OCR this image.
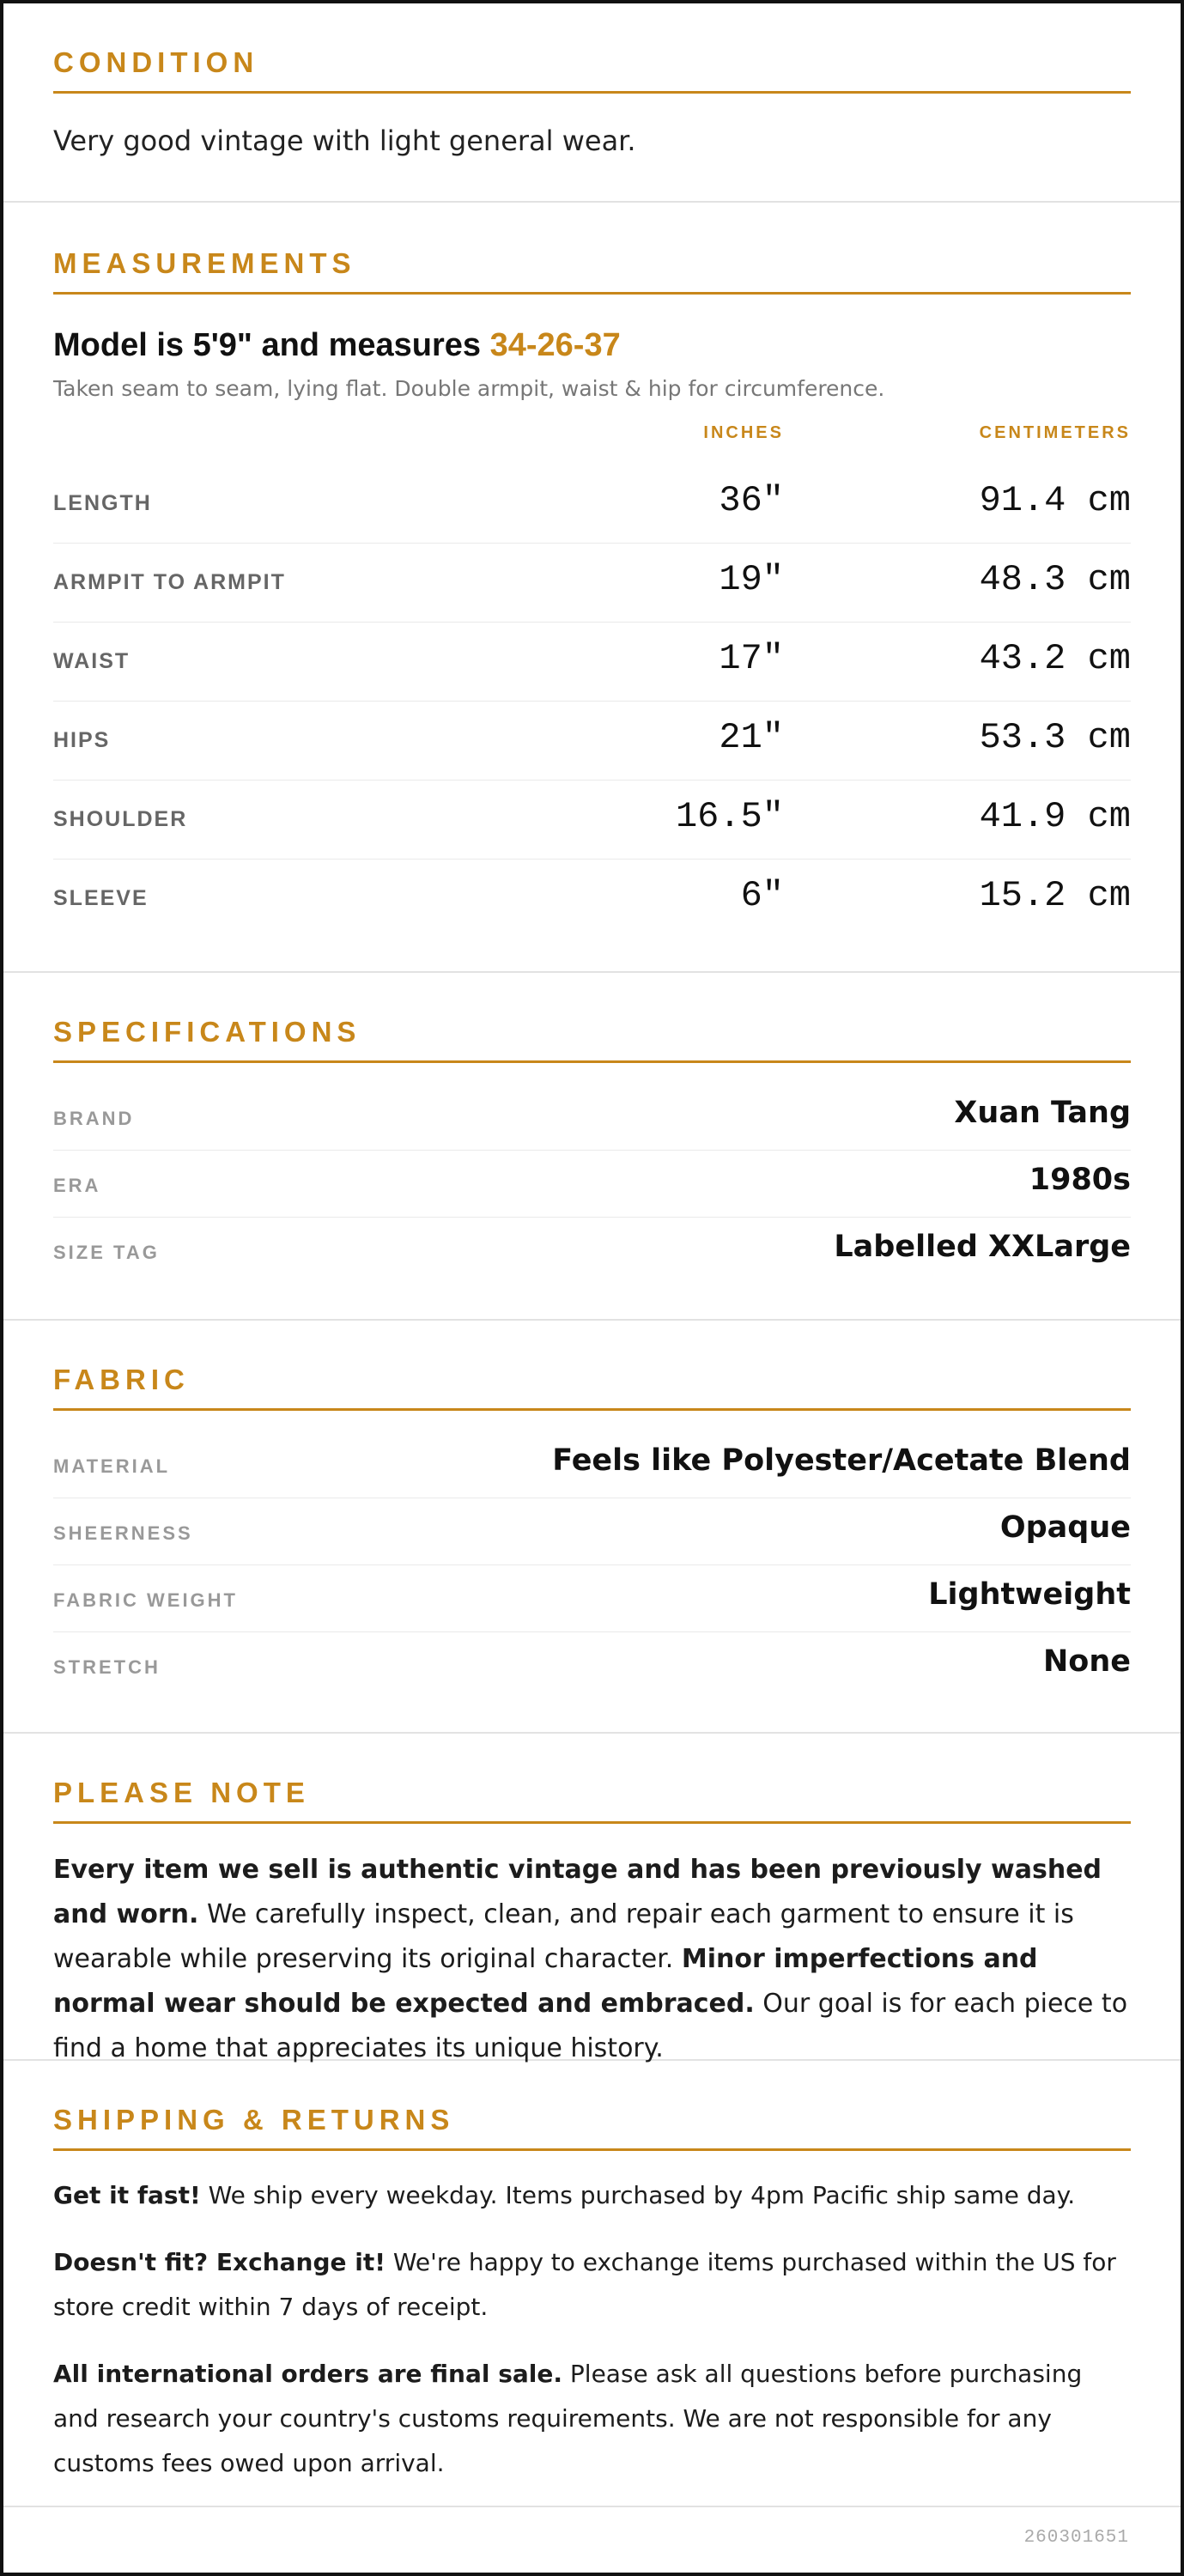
CONDITION
Very good vintage with light general wear.
MEASUREMENTS
Model is 5'9" and measures 34-26-37
Taken seam to seam, lying flat. Double armpit, waist & hip for circumference.
INCHES	CENTIMETERS
LENGTH	36"	91.4 cm
ARMPIT TO ARMPIT	19"	48.3 cm
WAIST	17"	43.2 cm
HIPS	21"	53.3 cm
SHOULDER	16.5"	41.9 cm
SLEEVE	6"	15.2 cm
SPECIFICATIONS
BRAND	Xuan Tang
ERA	1980s
SIZE TAG	Labelled XXLarge
FABRIC
MATERIAL	Feels like Polyester/Acetate Blend
SHEERNESS	Opaque
FABRIC WEIGHT	Lightweight
STRETCH	None
PLEASE NOTE
Every item we sell is authentic vintage and has been previously washed and worn. We carefully inspect, clean, and repair each garment to ensure it is wearable while preserving its original character. Minor imperfections and normal wear should be expected and embraced. Our goal is for each piece to find a home that appreciates its unique history.
SHIPPING & RETURNS
Get it fast! We ship every weekday. Items purchased by 4pm Pacific ship same day.
Doesn't fit? Exchange it! We're happy to exchange items purchased within the US for store credit within 7 days of receipt.
All international orders are final sale. Please ask all questions before purchasing and research your country's customs requirements. We are not responsible for any customs fees owed upon arrival.
260301651
